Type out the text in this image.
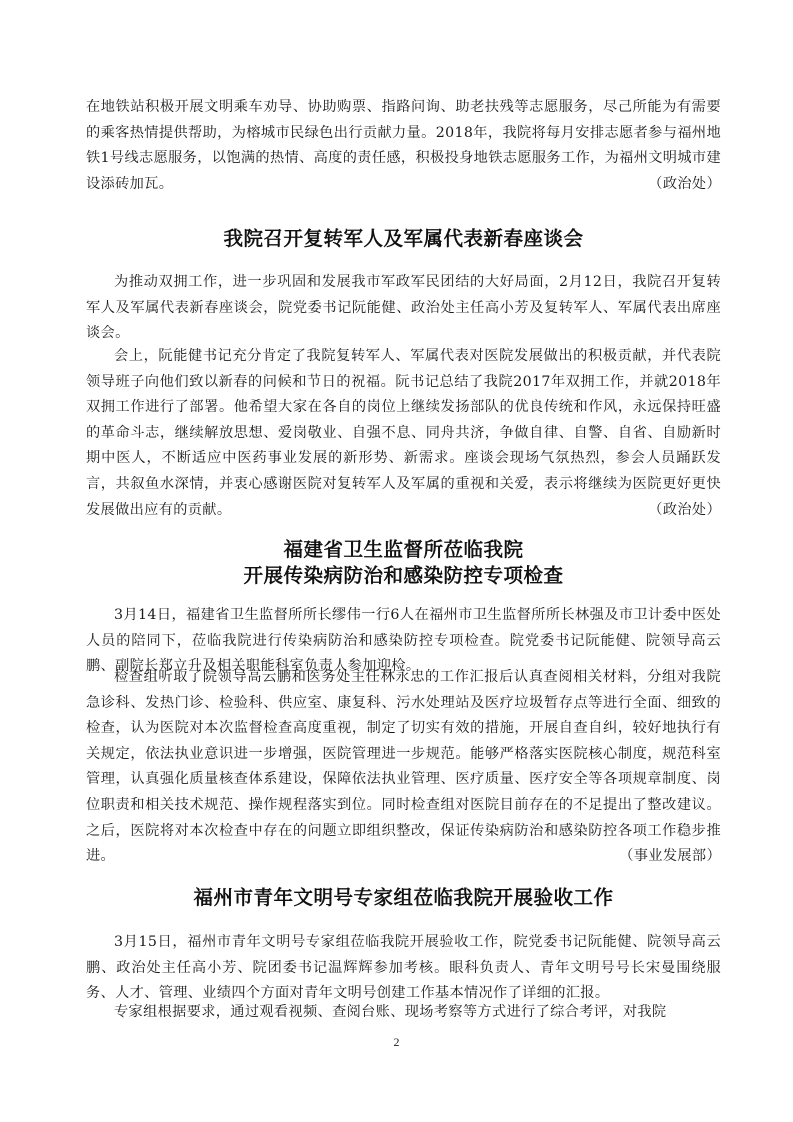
在地铁站积极开展文明乘车劝导、协助购票、指路问询、助老扶残等志愿服务，尽己所能为有需要的乘客热情提供帮助，为榕城市民绿色出行贡献力量。2018年，我院将每月安排志愿者参与福州地铁1号线志愿服务，以饱满的热情、高度的责任感，积极投身地铁志愿服务工作，为福州文明城市建设添砖加瓦。	（政治处）

我院召开复转军人及军属代表新春座谈会

为推动双拥工作，进一步巩固和发展我市军政军民团结的大好局面，2月12日，我院召开复转军人及军属代表新春座谈会，院党委书记阮能健、政治处主任高小芳及复转军人、军属代表出席座谈会。

会上，阮能健书记充分肯定了我院复转军人、军属代表对医院发展做出的积极贡献，并代表院领导班子向他们致以新春的问候和节日的祝福。阮书记总结了我院2017年双拥工作，并就2018年双拥工作进行了部署。他希望大家在各自的岗位上继续发扬部队的优良传统和作风，永远保持旺盛的革命斗志，继续解放思想、爱岗敬业、自强不息、同舟共济，争做自律、自警、自省、自励新时期中医人，不断适应中医药事业发展的新形势、新需求。座谈会现场气氛热烈，参会人员踊跃发言，共叙鱼水深情，并衷心感谢医院对复转军人及军属的重视和关爱，表示将继续为医院更好更快发展做出应有的贡献。	（政治处）

福建省卫生监督所莅临我院
开展传染病防治和感染防控专项检查

3月14日，福建省卫生监督所所长缪伟一行6人在福州市卫生监督所所长林强及市卫计委中医处人员的陪同下，莅临我院进行传染病防治和感染防控专项检查。院党委书记阮能健、院领导高云鹏、副院长郑立升及相关职能科室负责人参加迎检。

检查组听取了院领导高云鹏和医务处主任林永忠的工作汇报后认真查阅相关材料，分组对我院急诊科、发热门诊、检验科、供应室、康复科、污水处理站及医疗垃圾暂存点等进行全面、细致的检查，认为医院对本次监督检查高度重视，制定了切实有效的措施，开展自查自纠，较好地执行有关规定，依法执业意识进一步增强，医院管理进一步规范。能够严格落实医院核心制度，规范科室管理，认真强化质量核查体系建设，保障依法执业管理、医疗质量、医疗安全等各项规章制度、岗位职责和相关技术规范、操作规程落实到位。同时检查组对医院目前存在的不足提出了整改建议。之后，医院将对本次检查中存在的问题立即组织整改，保证传染病防治和感染防控各项工作稳步推进。	（事业发展部）

福州市青年文明号专家组莅临我院开展验收工作

3月15日，福州市青年文明号专家组莅临我院开展验收工作，院党委书记阮能健、院领导高云鹏、政治处主任高小芳、院团委书记温辉辉参加考核。眼科负责人、青年文明号号长宋曼围绕服务、人才、管理、业绩四个方面对青年文明号创建工作基本情况作了详细的汇报。

专家组根据要求，通过观看视频、查阅台账、现场考察等方式进行了综合考评，对我院

2
